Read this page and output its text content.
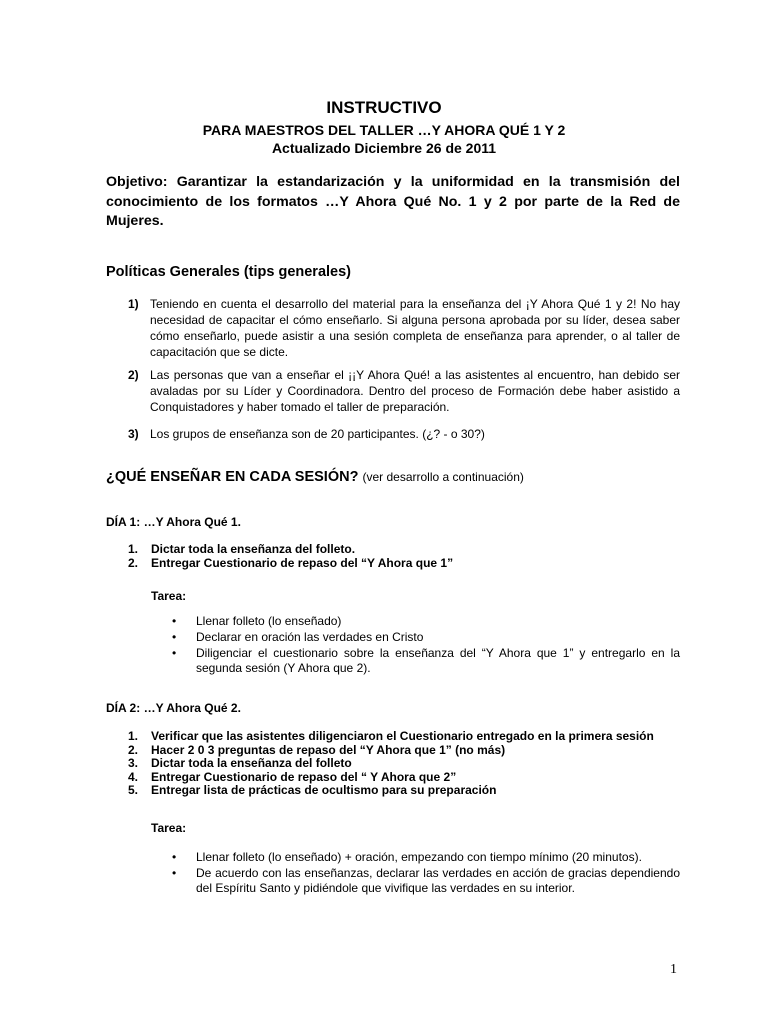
INSTRUCTIVO
PARA MAESTROS DEL TALLER …Y AHORA QUÉ 1 Y 2
Actualizado Diciembre 26 de 2011
Objetivo: Garantizar la estandarización y la uniformidad en la transmisión del conocimiento de los formatos …Y Ahora Qué No. 1 y 2 por parte de la Red de Mujeres.
Políticas Generales (tips generales)
1) Teniendo en cuenta el desarrollo del material para la enseñanza del ¡Y Ahora Qué 1 y 2! No hay necesidad de capacitar el cómo enseñarlo. Si alguna persona aprobada por su líder, desea saber cómo enseñarlo, puede asistir a una sesión completa de enseñanza para aprender, o al taller de capacitación que se dicte.
2) Las personas que van a enseñar el ¡¡Y Ahora Qué! a las asistentes al encuentro, han debido ser avaladas por su Líder y Coordinadora. Dentro del proceso de Formación debe haber asistido a Conquistadores y haber tomado el taller de preparación.
3) Los grupos de enseñanza son de 20 participantes. (¿? - o 30?)
¿QUÉ ENSEÑAR EN CADA SESIÓN? (ver desarrollo a continuación)
DÍA 1: …Y Ahora Qué 1.
1. Dictar toda la enseñanza del folleto.
2. Entregar Cuestionario de repaso del “Y Ahora que 1”
Tarea:
• Llenar folleto (lo enseñado)
• Declarar en oración las verdades en Cristo
• Diligenciar el cuestionario sobre la enseñanza del “Y Ahora que 1” y entregarlo en la segunda sesión (Y Ahora que 2).
DÍA 2: …Y Ahora Qué 2.
1. Verificar que las asistentes diligenciaron el Cuestionario entregado en la primera sesión
2. Hacer 2 0 3 preguntas de repaso del “Y Ahora que 1” (no más)
3. Dictar toda la enseñanza del folleto
4. Entregar Cuestionario de repaso del “ Y Ahora que 2”
5. Entregar lista de prácticas de ocultismo para su preparación
Tarea:
• Llenar folleto (lo enseñado) + oración, empezando con tiempo mínimo (20 minutos).
• De acuerdo con las enseñanzas, declarar las verdades en acción de gracias dependiendo del Espíritu Santo y pidiéndole que vivifique las verdades en su interior.
1
